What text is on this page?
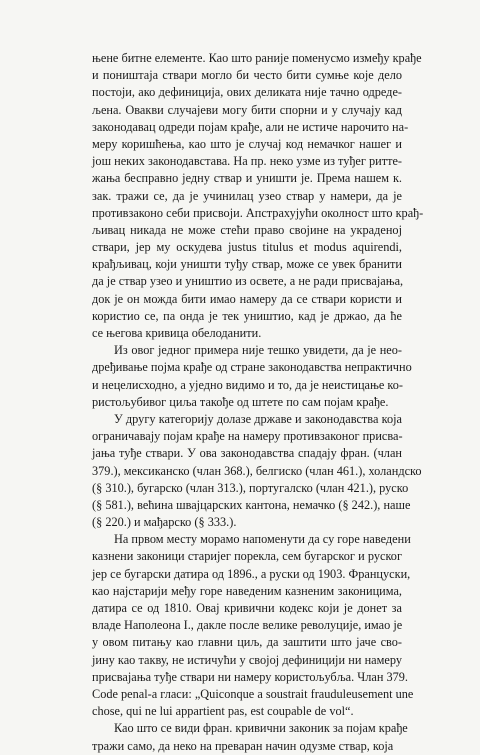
њене битне елементе. Као што раније поменусмо између крађе
и поништаја ствари могло би често бити сумње које дело
постоји, ако дефиниција, ових деликата није тачно одреде-
љена. Овакви случајеви могу бити спорни и у случају кад
законодавац одреди појам крађе, али не истиче нарочито на-
меру коришћења, као што је случај код немачког нашег и
још неких законодавстава. На пр. неко узме из туђег ритте-
жања бесправно једну ствар и уништи је. Према нашем к.
зак. тражи се, да је учинилац узео ствар у намери, да је
противзаконо себи присвоји. Апстрахујући околност што крађ-
љивац никада не може стећи право својине на украденој
ствари, јер му оскудева justus titulus et modus aquirendi,
крађљивац, који уништи туђу ствар, може се увек бранити
да је ствар узео и уништио из освете, а не ради присвајања,
док је он можда бити имао намеру да се ствари користи и
користио се, па онда је тек уништио, кад је држао, да ће
се његова кривица обелоданити.
Из овог једног примера није тешко увидети, да је нео-
дређивање појма крађе од стране законодавства непрактично
и нецелисходно, а уједно видимо и то, да је неистицање ко-
ристољубивог циља такође од штете по сам појам крађе.
У другу категорију долазе државе и законодавства која
ограничавају појам крађе на намеру противзаконог присва-
јања туђе ствари. У ова законодавства спадају фран. (члан
379.), мексиканско (члан 368.), белгиско (члан 461.), холандско
(§ 310.), бугарско (члан 313.), португалско (члан 421.), руско
(§ 581.), већина швајцарских кантона, немачко (§ 242.), наше
(§ 220.) и мађарско (§ 333.).
На првом месту морамо напоменути да су горе наведени
казнени законици старијег порекла, сем бугарског и руског
јер се бугарски датира од 1896., а руски од 1903. Француски,
као најстарији међу горе наведеним казненим законицима,
датира се од 1810. Овај кривични кодекс који је донет за
владе Наполеона I., дакле после велике револуције, имао је
у овом питању као главни циљ, да заштити што јаче сво-
јину као такву, не истичући у својој дефиницији ни намеру
присвајања туђе ствари ни намеру користољубља. Члан 379.
Code penal-а гласи: „Quiconque a soustrait frauduleusement une
chose, qui ne lui appartient pas, est coupable de vol“.
Као што се види фран. кривични законик за појам крађе
тражи само, да неко на преваран начин одузме ствар, која
